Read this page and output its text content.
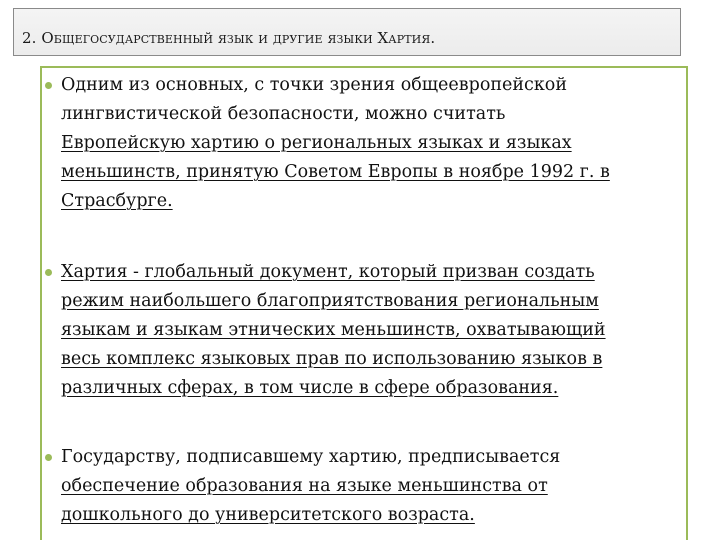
2. Общегосударственный язык и другие языки Хартия.
Одним из основных, с точки зрения общеевропейской
лингвистической безопасности, можно считать
Европейскую хартию о региональных языках и языках
меньшинств, принятую Советом Европы в ноябре 1992 г. в
Страсбурге.
Хартия - глобальный документ, который призван создать
режим наибольшего благоприятствования региональным
языкам и языкам этнических меньшинств, охватывающий
весь комплекс языковых прав по использованию языков в
различных сферах, в том числе в сфере образования.
Государству, подписавшему хартию, предписывается
обеспечение образования на языке меньшинства от
дошкольного до университетского возраста.
